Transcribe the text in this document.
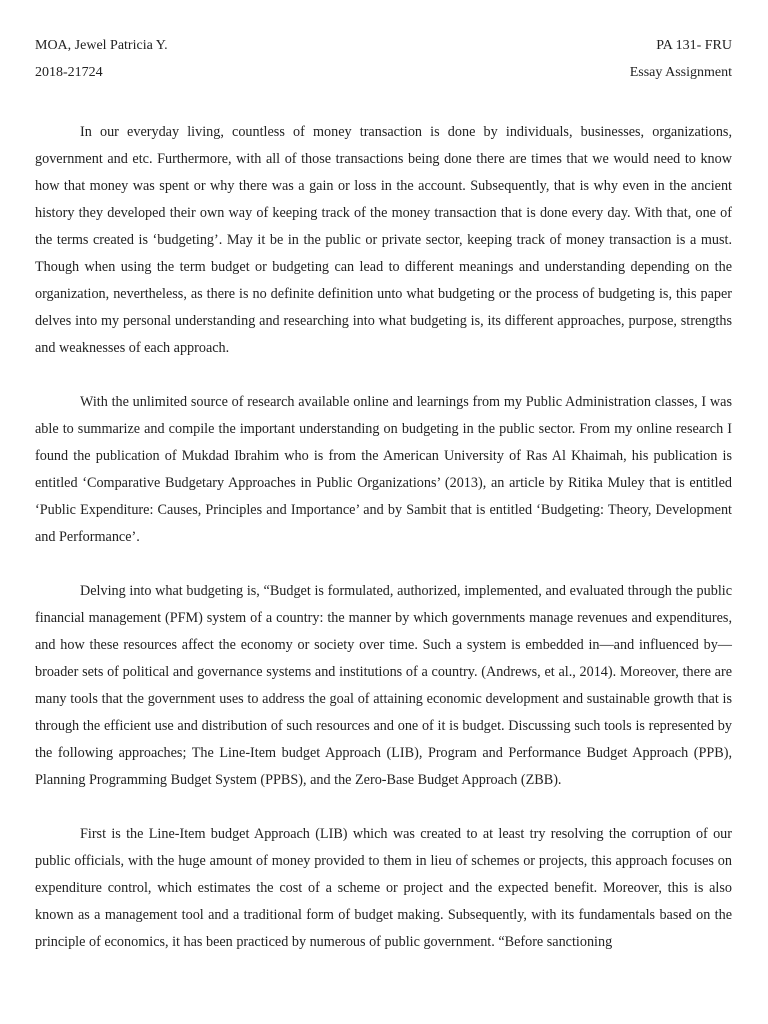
MOA, Jewel Patricia Y.	PA 131- FRU
2018-21724	Essay Assignment

In our everyday living, countless of money transaction is done by individuals, businesses, organizations, government and etc. Furthermore, with all of those transactions being done there are times that we would need to know how that money was spent or why there was a gain or loss in the account. Subsequently, that is why even in the ancient history they developed their own way of keeping track of the money transaction that is done every day. With that, one of the terms created is ‘budgeting’. May it be in the public or private sector, keeping track of money transaction is a must. Though when using the term budget or budgeting can lead to different meanings and understanding depending on the organization, nevertheless, as there is no definite definition unto what budgeting or the process of budgeting is, this paper delves into my personal understanding and researching into what budgeting is, its different approaches, purpose, strengths and weaknesses of each approach.

With the unlimited source of research available online and learnings from my Public Administration classes, I was able to summarize and compile the important understanding on budgeting in the public sector. From my online research I found the publication of Mukdad Ibrahim who is from the American University of Ras Al Khaimah, his publication is entitled ‘Comparative Budgetary Approaches in Public Organizations’ (2013), an article by Ritika Muley that is entitled ‘Public Expenditure: Causes, Principles and Importance’ and by Sambit that is entitled ‘Budgeting: Theory, Development and Performance’.

Delving into what budgeting is, “Budget is formulated, authorized, implemented, and evaluated through the public financial management (PFM) system of a country: the manner by which governments manage revenues and expenditures, and how these resources affect the economy or society over time. Such a system is embedded in—and influenced by—broader sets of political and governance systems and institutions of a country. (Andrews, et al., 2014). Moreover, there are many tools that the government uses to address the goal of attaining economic development and sustainable growth that is through the efficient use and distribution of such resources and one of it is budget. Discussing such tools is represented by the following approaches; The Line-Item budget Approach (LIB), Program and Performance Budget Approach (PPB), Planning Programming Budget System (PPBS), and the Zero-Base Budget Approach (ZBB).

First is the Line-Item budget Approach (LIB) which was created to at least try resolving the corruption of our public officials, with the huge amount of money provided to them in lieu of schemes or projects, this approach focuses on expenditure control, which estimates the cost of a scheme or project and the expected benefit. Moreover, this is also known as a management tool and a traditional form of budget making. Subsequently, with its fundamentals based on the principle of economics, it has been practiced by numerous of public government. “Before sanctioning
